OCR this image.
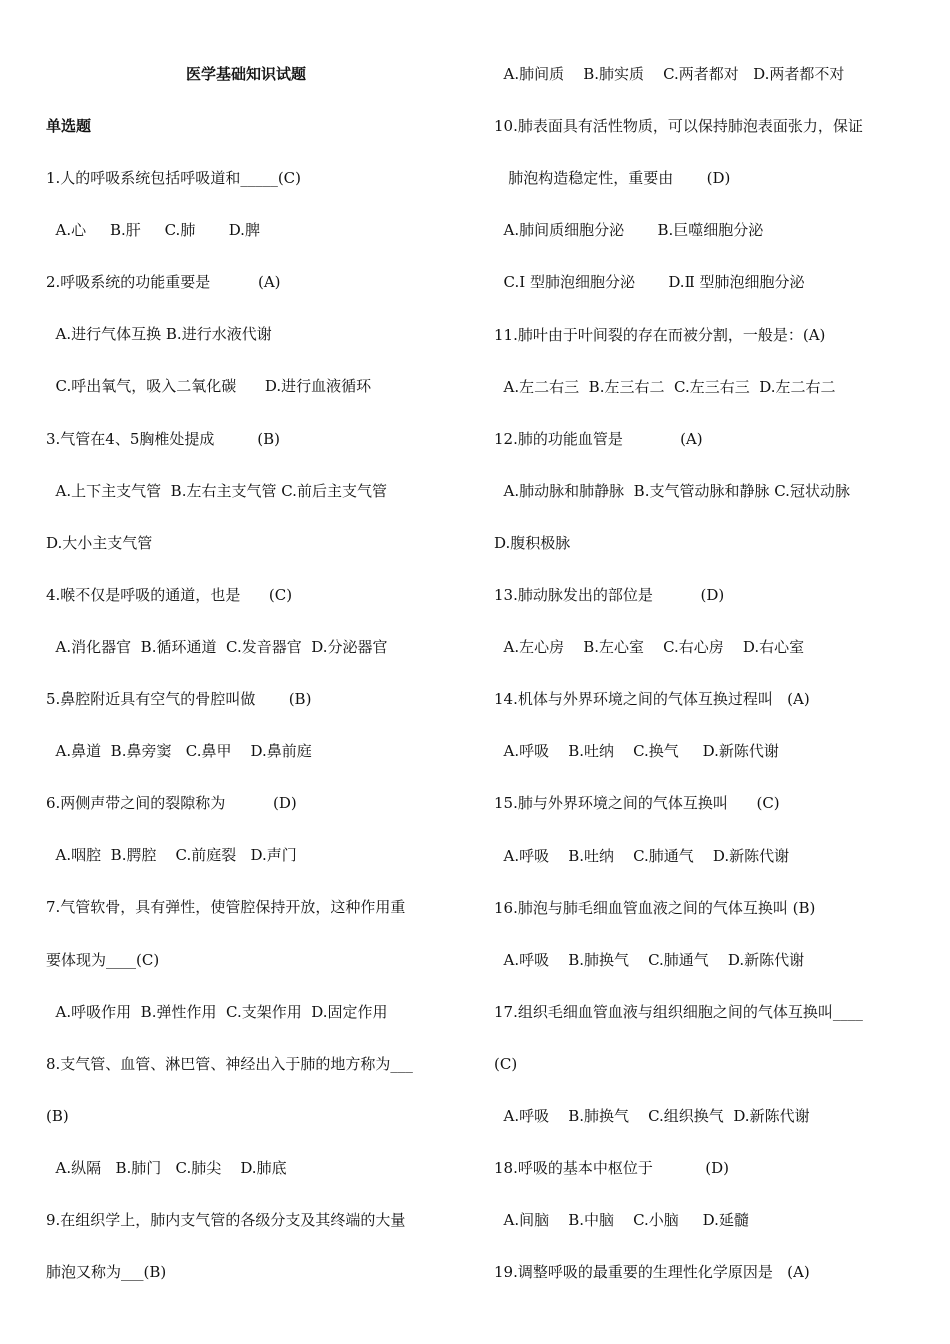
医学基础知识试题
单选题
1.人的呼吸系统包括呼吸道和_____(C)
A.心     B.肝     C.肺       D.脾
2.呼吸系统的功能重要是          (A)
A.进行气体互换 B.进行水液代谢
C.呼出氧气，吸入二氧化碳      D.进行血液循环
3.气管在4、5胸椎处提成         (B)
A.上下主支气管  B.左右主支气管 C.前后主支气管
D.大小主支气管
4.喉不仅是呼吸的通道，也是      (C)
A.消化器官  B.循环通道  C.发音器官  D.分泌器官
5.鼻腔附近具有空气的骨腔叫做       (B)
A.鼻道  B.鼻旁窦   C.鼻甲    D.鼻前庭
6.两侧声带之间的裂隙称为          (D)
A.咽腔  B.腭腔    C.前庭裂   D.声门
7.气管软骨，具有弹性，使管腔保持开放，这种作用重
要体现为____(C)
A.呼吸作用  B.弹性作用  C.支架作用  D.固定作用
8.支气管、血管、淋巴管、神经出入于肺的地方称为___
(B)
A.纵隔   B.肺门   C.肺尖    D.肺底
9.在组织学上，肺内支气管的各级分支及其终端的大量
肺泡又称为___(B)
A.肺间质    B.肺实质    C.两者都对   D.两者都不对
10.肺表面具有活性物质，可以保持肺泡表面张力，保证
肺泡构造稳定性，重要由       (D)
A.肺间质细胞分泌       B.巨噬细胞分泌
C.Ⅰ 型肺泡细胞分泌       D.Ⅱ 型肺泡细胞分泌
11.肺叶由于叶间裂的存在而被分割，一般是：(A)
A.左二右三  B.左三右二  C.左三右三  D.左二右二
12.肺的功能血管是            (A)
A.肺动脉和肺静脉  B.支气管动脉和静脉 C.冠状动脉
D.腹积极脉
13.肺动脉发出的部位是          (D)
A.左心房    B.左心室    C.右心房    D.右心室
14.机体与外界环境之间的气体互换过程叫   (A)
A.呼吸    B.吐纳    C.换气     D.新陈代谢
15.肺与外界环境之间的气体互换叫      (C)
A.呼吸    B.吐纳    C.肺通气    D.新陈代谢
16.肺泡与肺毛细血管血液之间的气体互换叫 (B)
A.呼吸    B.肺换气    C.肺通气    D.新陈代谢
17.组织毛细血管血液与组织细胞之间的气体互换叫____
(C)
A.呼吸    B.肺换气    C.组织换气  D.新陈代谢
18.呼吸的基本中枢位于           (D)
A.间脑    B.中脑    C.小脑     D.延髓
19.调整呼吸的最重要的生理性化学原因是   (A)
